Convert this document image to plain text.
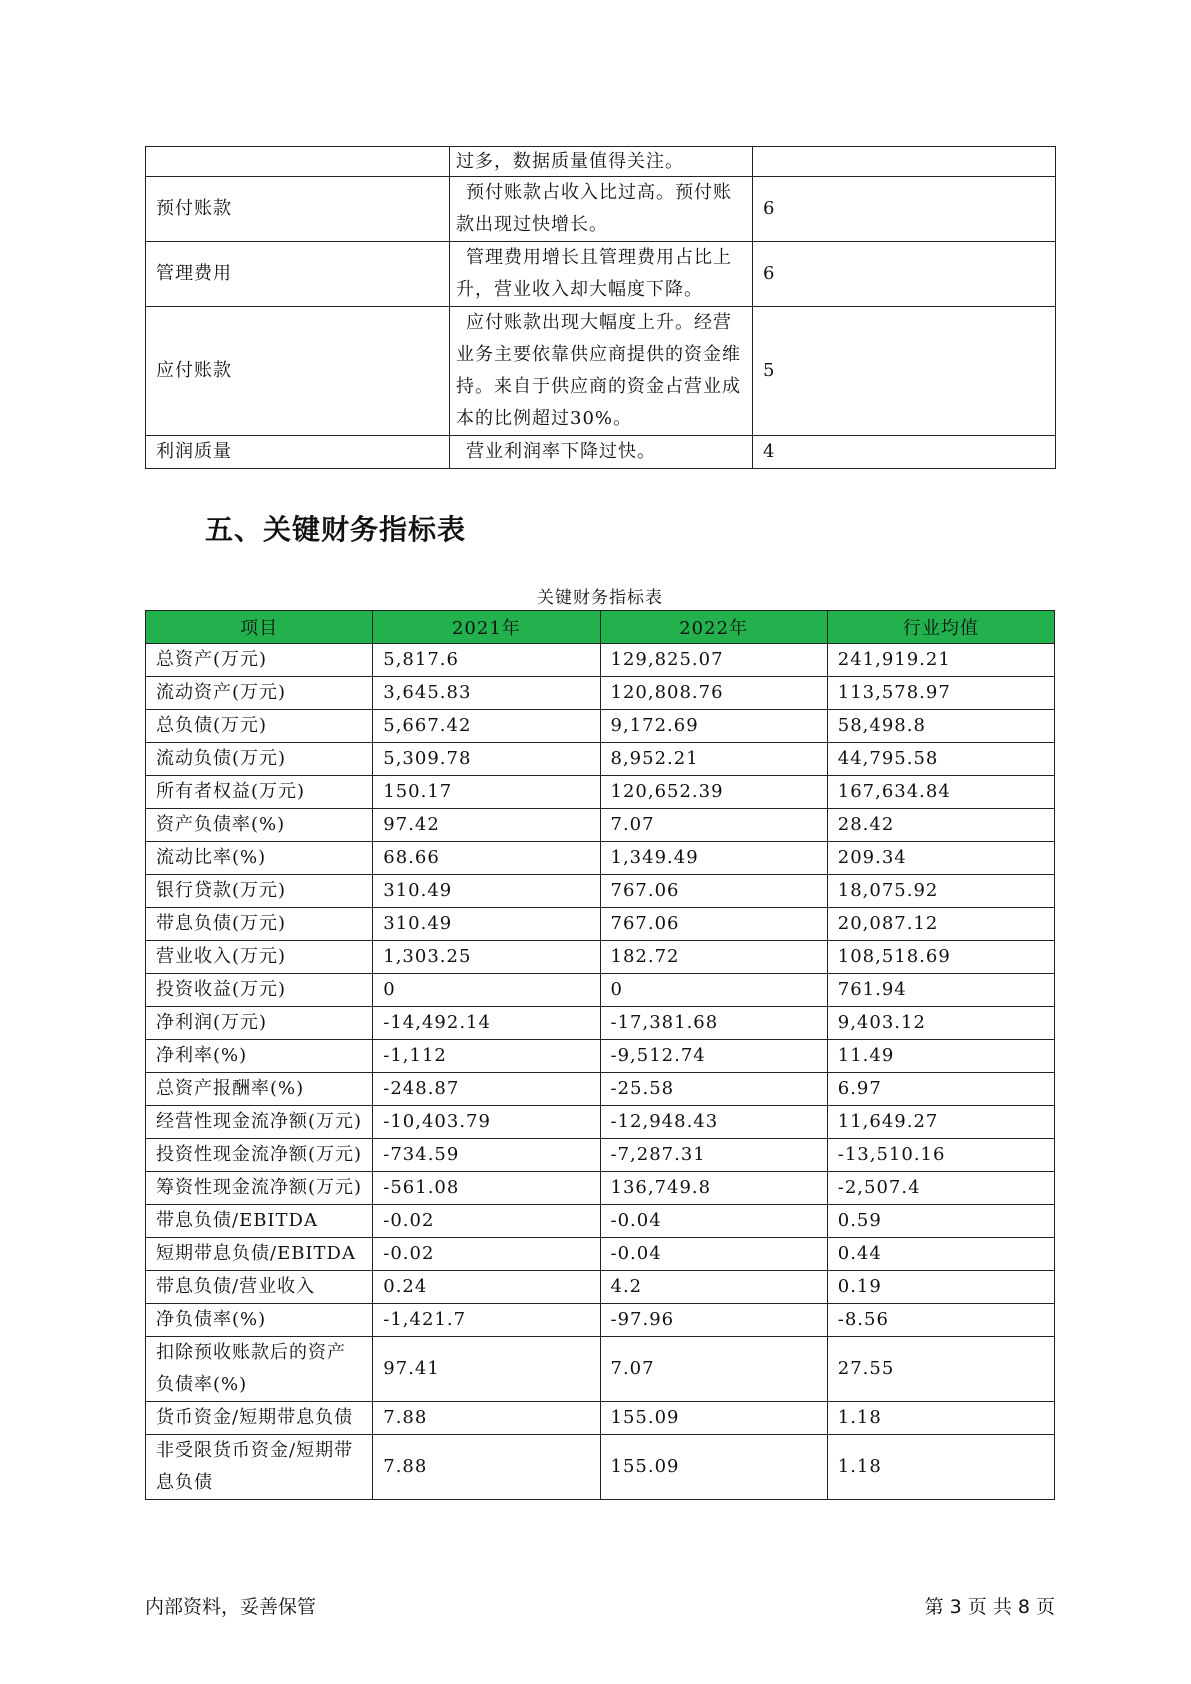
	过多，数据质量值得关注。	
预付账款	预付账款占收入比过高。预付账款出现过快增长。	6
管理费用	管理费用增长且管理费用占比上升，营业收入却大幅度下降。	6
应付账款	应付账款出现大幅度上升。经营业务主要依靠供应商提供的资金维持。来自于供应商的资金占营业成本的比例超过30%。	5
利润质量	营业利润率下降过快。	4
五、关键财务指标表
关键财务指标表
项目	2021年	2022年	行业均值
总资产(万元)	5,817.6	129,825.07	241,919.21
流动资产(万元)	3,645.83	120,808.76	113,578.97
总负债(万元)	5,667.42	9,172.69	58,498.8
流动负债(万元)	5,309.78	8,952.21	44,795.58
所有者权益(万元)	150.17	120,652.39	167,634.84
资产负债率(%)	97.42	7.07	28.42
流动比率(%)	68.66	1,349.49	209.34
银行贷款(万元)	310.49	767.06	18,075.92
带息负债(万元)	310.49	767.06	20,087.12
营业收入(万元)	1,303.25	182.72	108,518.69
投资收益(万元)	0	0	761.94
净利润(万元)	-14,492.14	-17,381.68	9,403.12
净利率(%)	-1,112	-9,512.74	11.49
总资产报酬率(%)	-248.87	-25.58	6.97
经营性现金流净额(万元)	-10,403.79	-12,948.43	11,649.27
投资性现金流净额(万元)	-734.59	-7,287.31	-13,510.16
筹资性现金流净额(万元)	-561.08	136,749.8	-2,507.4
带息负债/EBITDA	-0.02	-0.04	0.59
短期带息负债/EBITDA	-0.02	-0.04	0.44
带息负债/营业收入	0.24	4.2	0.19
净负债率(%)	-1,421.7	-97.96	-8.56
扣除预收账款后的资产负债率(%)	97.41	7.07	27.55
货币资金/短期带息负债	7.88	155.09	1.18
非受限货币资金/短期带息负债	7.88	155.09	1.18
内部资料，妥善保管	第 3 页 共 8 页
